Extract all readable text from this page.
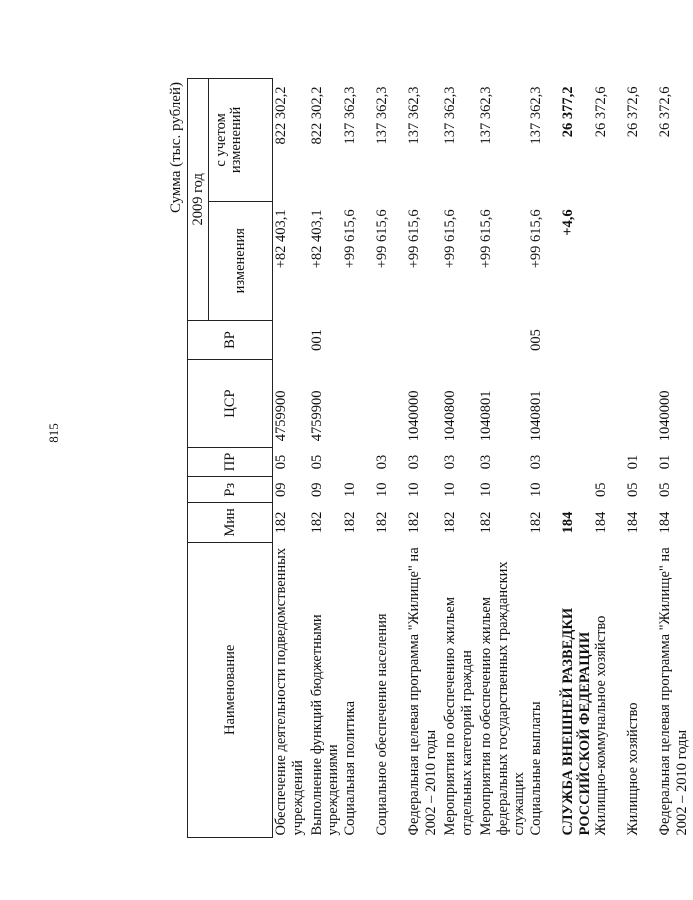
815
Сумма (тыс. рублей)
Наименование	Мин	Рз	ПР	ЦСР	ВР	2009 год	
						изменения	с учетом изменений
Обеспечение деятельности подведомственных учреждений	182	09	05	4759900		+82 403,1	822 302,2
Выполнение функций бюджетными учреждениями	182	09	05	4759900	001	+82 403,1	822 302,2
Социальная политика	182	10				+99 615,6	137 362,3
Социальное обеспечение населения	182	10	03			+99 615,6	137 362,3
Федеральная целевая программа "Жилище" на 2002 – 2010 годы	182	10	03	1040000		+99 615,6	137 362,3
Мероприятия по обеспечению жильем отдельных категорий граждан	182	10	03	1040800		+99 615,6	137 362,3
Мероприятия по обеспечению жильем федеральных государственных гражданских служащих	182	10	03	1040801		+99 615,6	137 362,3
Социальные выплаты	182	10	03	1040801	005	+99 615,6	137 362,3
СЛУЖБА ВНЕШНЕЙ РАЗВЕДКИ РОССИЙСКОЙ ФЕДЕРАЦИИ	184					+4,6	26 377,2
Жилищно-коммунальное хозяйство	184	05					26 372,6
Жилищное хозяйство	184	05	01				26 372,6
Федеральная целевая программа "Жилище" на 2002 – 2010 годы	184	05	01	1040000			26 372,6
